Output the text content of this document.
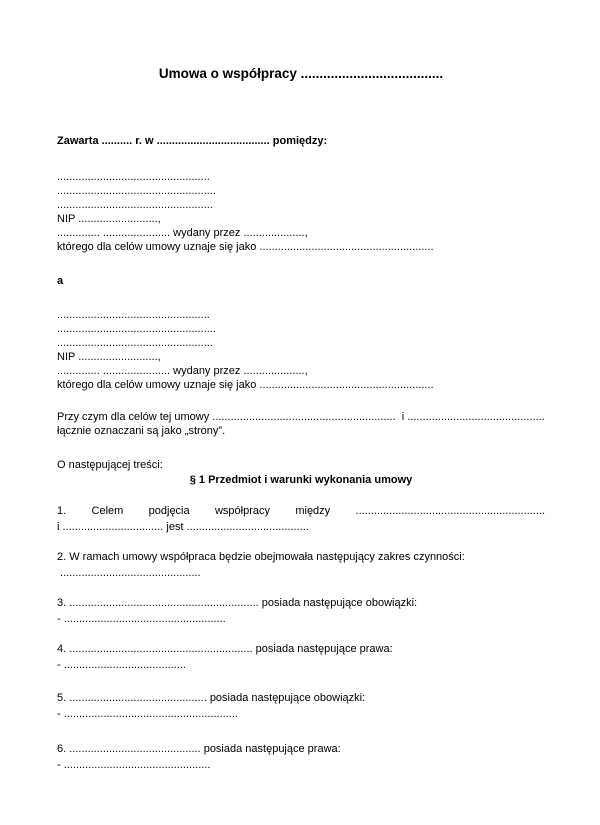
Umowa o współpracy ......................................
Zawarta .......... r. w ..................................... pomiędzy:
..................................................
....................................................
...................................................
NIP ..........................,
.............. ...................... wydany przez ....................,
którego dla celów umowy uznaje się jako .........................................................
a
..................................................
....................................................
...................................................
NIP ..........................,
.............. ...................... wydany przez ....................,
którego dla celów umowy uznaje się jako .........................................................
Przy czym dla celów tej umowy ............................................................  i .............................................
łącznie oznaczani są jako „strony”.
O następującej treści:
§ 1 Przedmiot i warunki wykonania umowy
1. Celem podjęcia współpracy między ..............................................................
i ................................. jest ........................................
2. W ramach umowy współpraca będzie obejmowała następujący zakres czynności:
..............................................
3. .............................................................. posiada następujące obowiązki:
- .....................................................
4. ............................................................ posiada następujące prawa:
- ........................................
5. ............................................. posiada następujące obowiązki:
- .........................................................
6. ........................................... posiada następujące prawa:
- ................................................
